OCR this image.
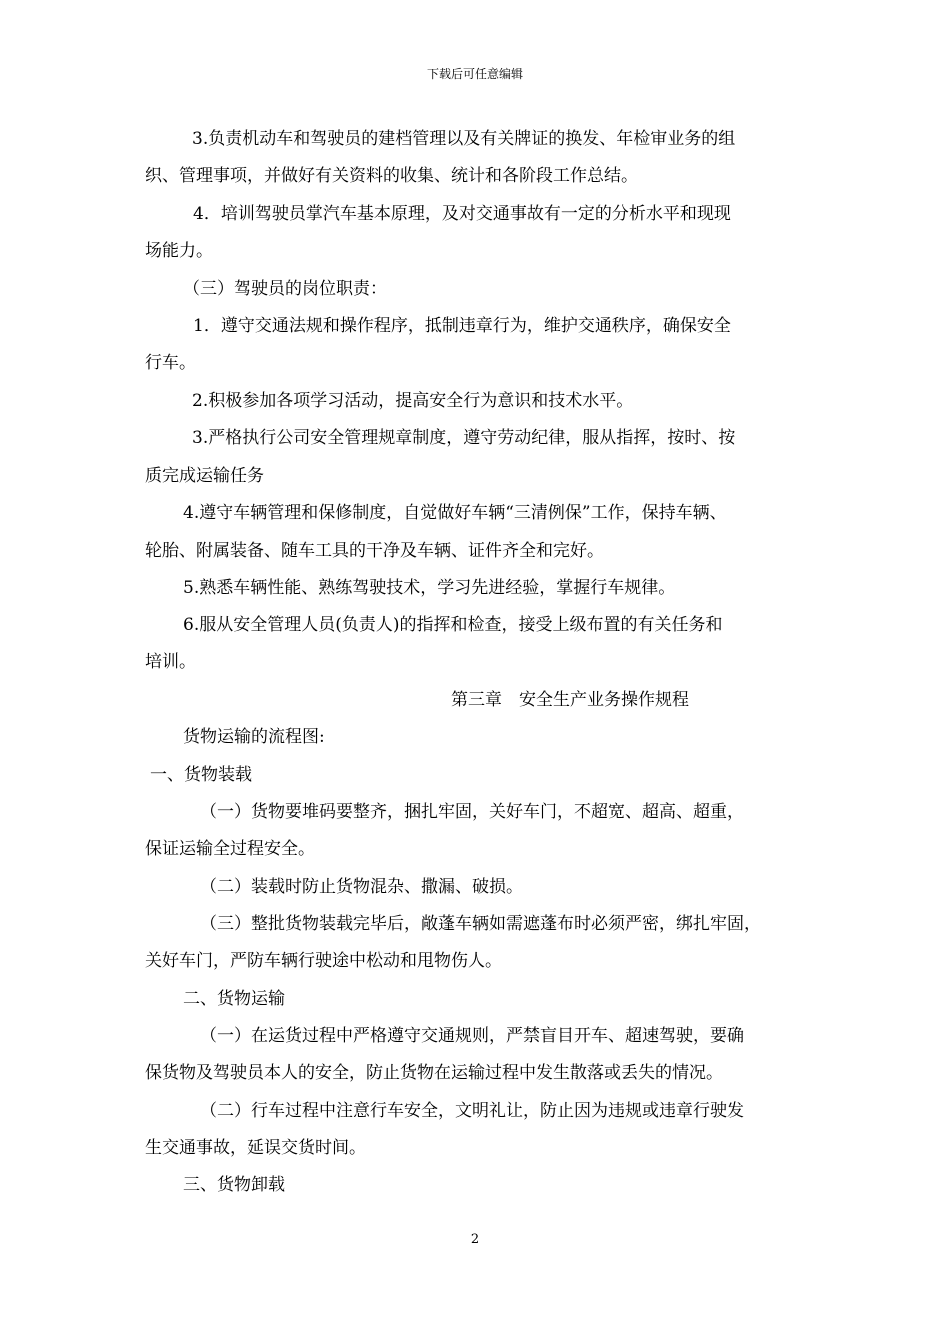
下载后可任意编辑
3.负责机动车和驾驶员的建档管理以及有关牌证的换发、年检审业务的组
织、管理事项，并做好有关资料的收集、统计和各阶段工作总结。
4．培训驾驶员掌汽车基本原理，及对交通事故有一定的分析水平和现现
场能力。
（三）驾驶员的岗位职责：
1．遵守交通法规和操作程序，抵制违章行为，维护交通秩序，确保安全
行车。
2.积极参加各项学习活动，提高安全行为意识和技术水平。
3.严格执行公司安全管理规章制度，遵守劳动纪律，服从指挥，按时、按
质完成运输任务
4.遵守车辆管理和保修制度，自觉做好车辆“三清例保”工作，保持车辆、
轮胎、附属装备、随车工具的干净及车辆、证件齐全和完好。
5.熟悉车辆性能、熟练驾驶技术，学习先进经验，掌握行车规律。
6.服从安全管理人员(负责人)的指挥和检查，接受上级布置的有关任务和
培训。
第三章　安全生产业务操作规程
货物运输的流程图:
一、货物装载
（一）货物要堆码要整齐，捆扎牢固，关好车门，不超宽、超高、超重，
保证运输全过程安全。
（二）装载时防止货物混杂、撒漏、破损。
（三）整批货物装载完毕后，敞蓬车辆如需遮蓬布时必须严密，绑扎牢固，
关好车门，严防车辆行驶途中松动和甩物伤人。
二、货物运输
（一）在运货过程中严格遵守交通规则，严禁盲目开车、超速驾驶，要确
保货物及驾驶员本人的安全，防止货物在运输过程中发生散落或丢失的情况。
（二）行车过程中注意行车安全，文明礼让，防止因为违规或违章行驶发
生交通事故，延误交货时间。
三、货物卸载
2
